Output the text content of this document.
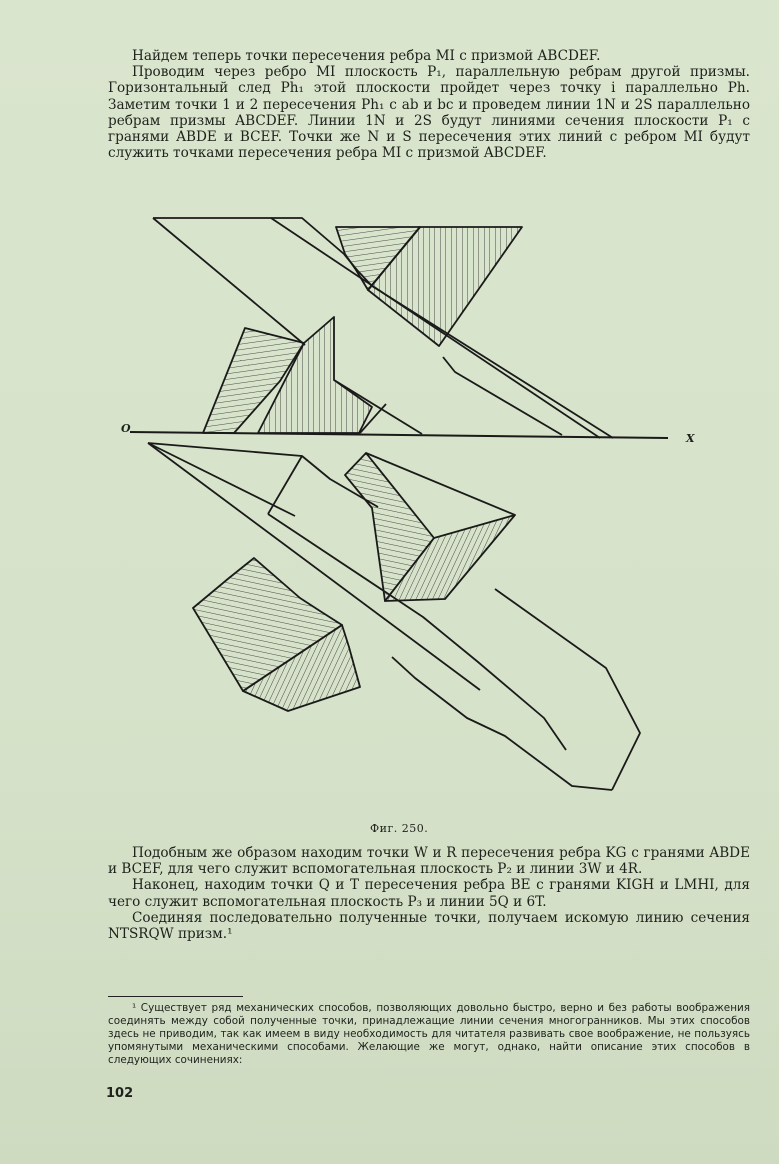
Найдем теперь точки пересечения ребра MI с призмой ABCDEF.

Проводим через ребро MI плоскость P₁, параллельную ребрам другой призмы. Горизонтальный след Ph₁ этой плоскости пройдет через точку i параллельно Ph. Заметим точки 1 и 2 пересечения Ph₁ с ab и bc и проведем линии 1N и 2S параллельно ребрам призмы ABCDEF. Линии 1N и 2S будут линиями сечения плоскости P₁ с гранями ABDE и BCEF. Точки же N и S пересечения этих линий с ребром MI будут служить точками пересечения ребра MI с призмой ABCDEF.

O
X
Фиг. 250.

Подобным же образом находим точки W и R пересечения ребра KG с гранями ABDE и BCEF, для чего служит вспомогательная плоскость P₂ и линии 3W и 4R.

Наконец, находим точки Q и T пересечения ребра BE с гранями KIGH и LMHI, для чего служит вспомогательная плоскость P₃ и линии 5Q и 6T.

Соединяя последовательно полученные точки, получаем искомую линию сечения NTSRQW призм.¹

¹ Существует ряд механических способов, позволяющих довольно быстро, верно и без работы воображения соединять между собой полученные точки, принадлежащие линии сечения многогранников. Мы этих способов здесь не приводим, так как имеем в виду необходимость для читателя развивать свое воображение, не пользуясь упомянутыми механическими способами. Желающие же могут, однако, найти описание этих способов в следующих сочинениях:

102
